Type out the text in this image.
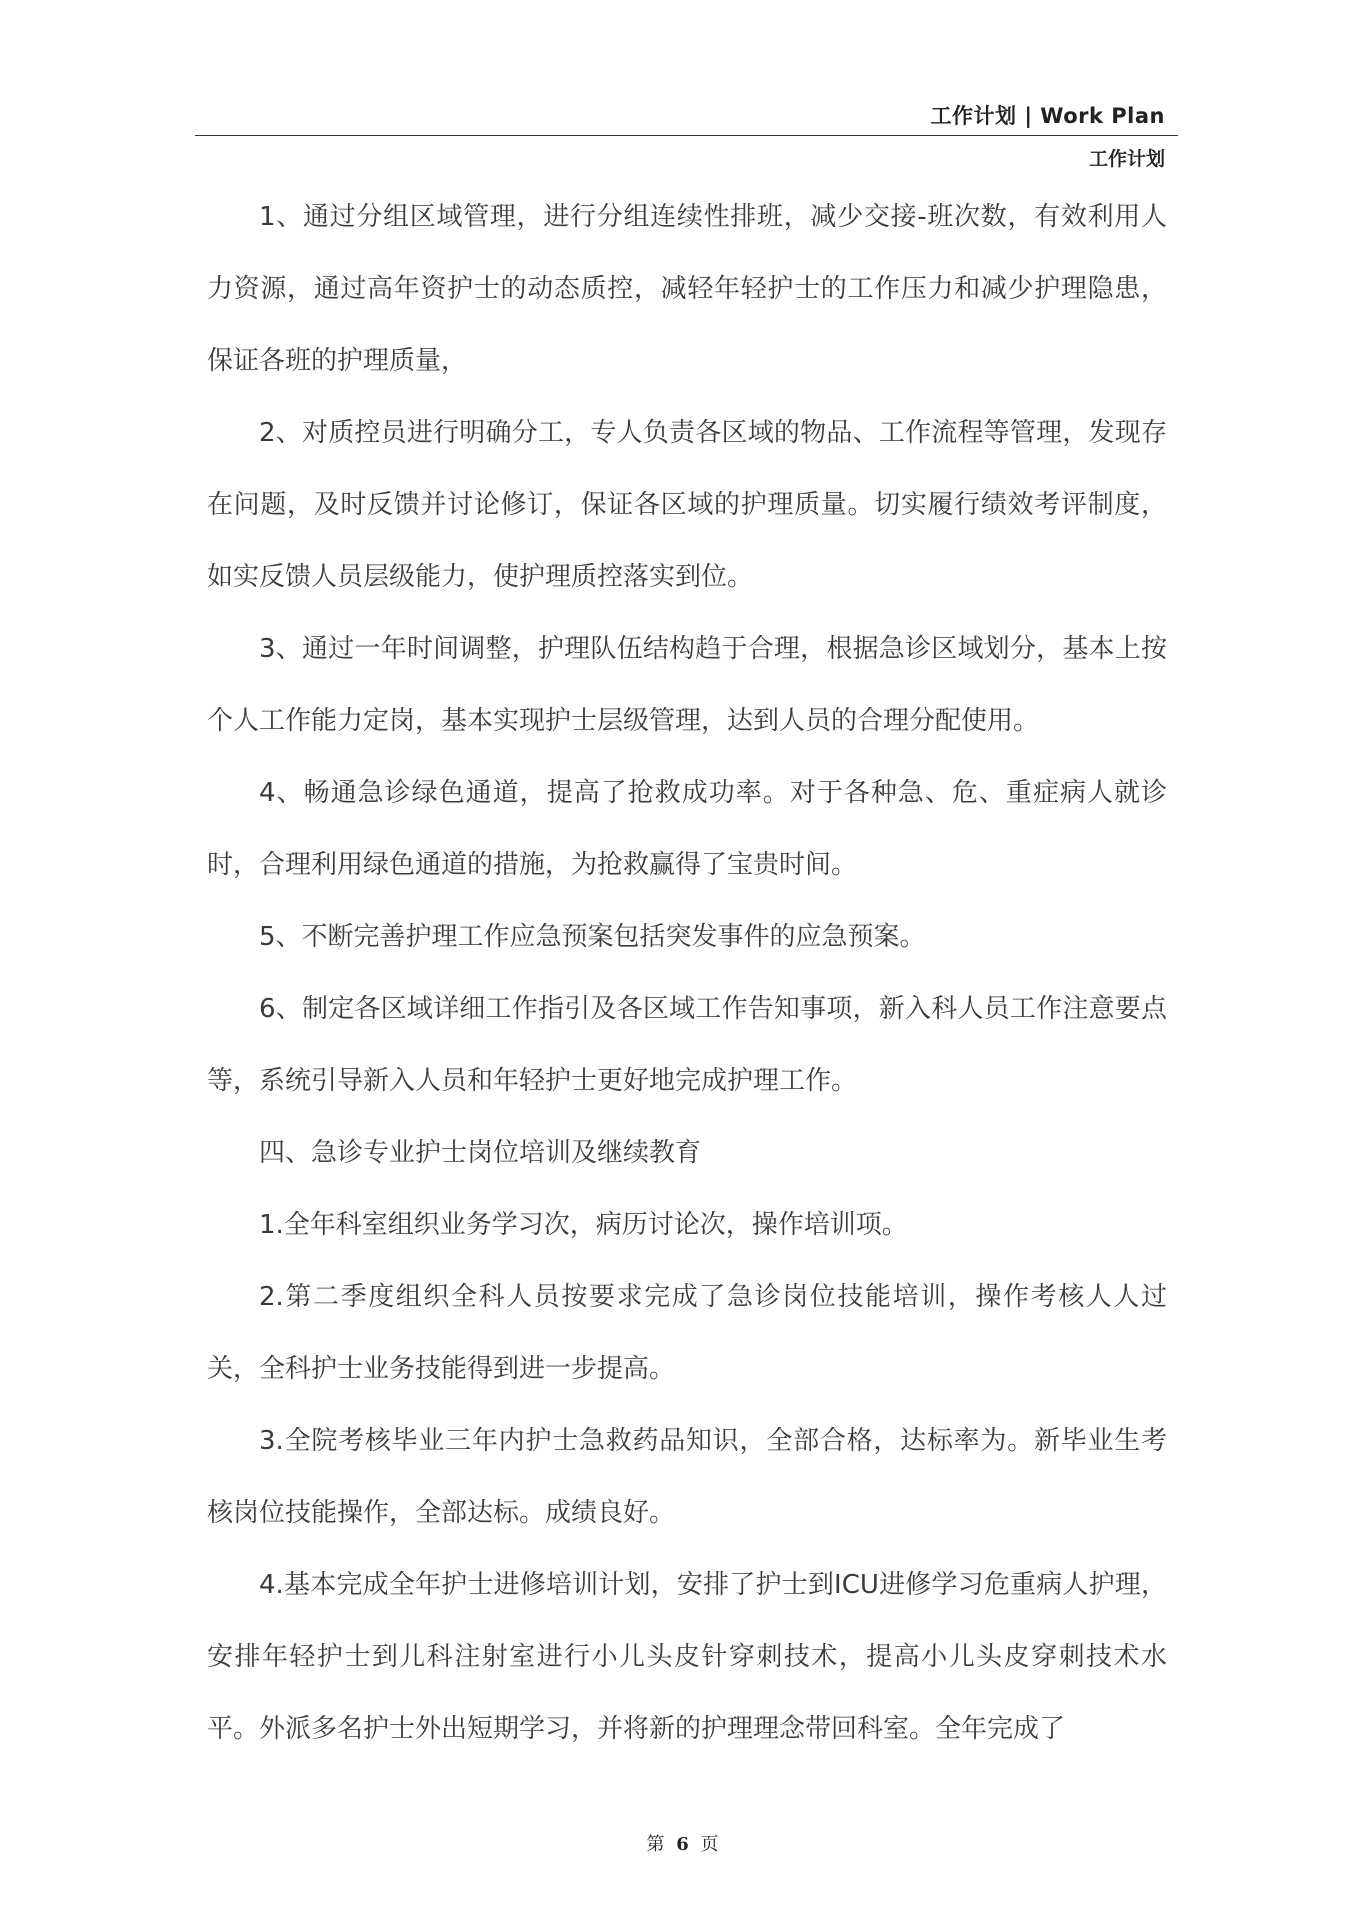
工作计划 | Work Plan
工作计划

1、通过分组区域管理，进行分组连续性排班，减少交接-班次数，有效利用人力资源，通过高年资护士的动态质控，减轻年轻护士的工作压力和减少护理隐患，保证各班的护理质量，

2、对质控员进行明确分工，专人负责各区域的物品、工作流程等管理，发现存在问题，及时反馈并讨论修订，保证各区域的护理质量。切实履行绩效考评制度，如实反馈人员层级能力，使护理质控落实到位。

3、通过一年时间调整，护理队伍结构趋于合理，根据急诊区域划分，基本上按个人工作能力定岗，基本实现护士层级管理，达到人员的合理分配使用。

4、畅通急诊绿色通道，提高了抢救成功率。对于各种急、危、重症病人就诊时，合理利用绿色通道的措施，为抢救赢得了宝贵时间。

5、不断完善护理工作应急预案包括突发事件的应急预案。

6、制定各区域详细工作指引及各区域工作告知事项，新入科人员工作注意要点等，系统引导新入人员和年轻护士更好地完成护理工作。

四、急诊专业护士岗位培训及继续教育

1.全年科室组织业务学习次，病历讨论次，操作培训项。

2.第二季度组织全科人员按要求完成了急诊岗位技能培训，操作考核人人过关，全科护士业务技能得到进一步提高。

3.全院考核毕业三年内护士急救药品知识，全部合格，达标率为。新毕业生考核岗位技能操作，全部达标。成绩良好。

4.基本完成全年护士进修培训计划，安排了护士到ICU进修学习危重病人护理，安排年轻护士到儿科注射室进行小儿头皮针穿刺技术，提高小儿头皮穿刺技术水平。外派多名护士外出短期学习，并将新的护理理念带回科室。全年完成了

第 6 页
